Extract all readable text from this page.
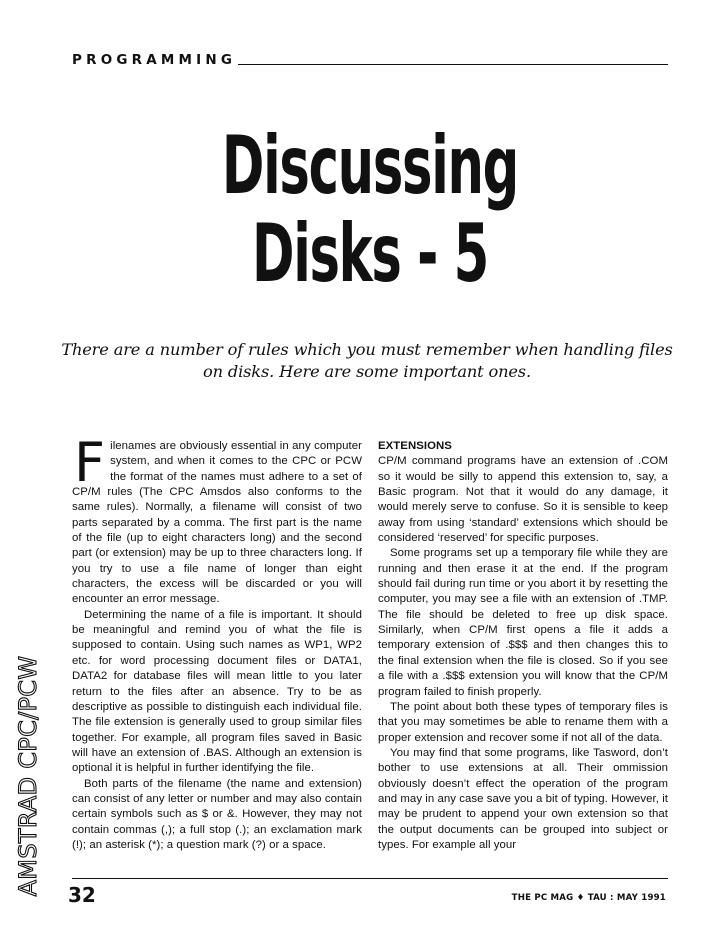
PROGRAMMING
Discussing
Disks - 5

There are a number of rules which you must remember when handling files on disks. Here are some important ones.

Filenames are obviously essential in any computer system, and when it comes to the CPC or PCW the format of the names must adhere to a set of CP/M rules (The CPC Amsdos also conforms to the same rules). Normally, a filename will consist of two parts separated by a comma. The first part is the name of the file (up to eight characters long) and the second part (or extension) may be up to three characters long. If you try to use a file name of longer than eight characters, the excess will be discarded or you will encounter an error message.

Determining the name of a file is important. It should be meaningful and remind you of what the file is supposed to contain. Using such names as WP1, WP2 etc. for word processing document files or DATA1, DATA2 for database files will mean little to you later return to the files after an absence. Try to be as descriptive as possible to distinguish each individual file. The file extension is generally used to group similar files together. For example, all program files saved in Basic will have an extension of .BAS. Although an extension is optional it is helpful in further identifying the file.

Both parts of the filename (the name and extension) can consist of any letter or number and may also contain certain symbols such as $ or &. However, they may not contain commas (,); a full stop (.); an exclamation mark (!); an asterisk (*); a question mark (?) or a space.

EXTENSIONS

CP/M command programs have an extension of .COM so it would be silly to append this extension to, say, a Basic program. Not that it would do any damage, it would merely serve to confuse. So it is sensible to keep away from using ‘standard’ extensions which should be considered ‘reserved’ for specific purposes.

Some programs set up a temporary file while they are running and then erase it at the end. If the program should fail during run time or you abort it by resetting the computer, you may see a file with an extension of .TMP. The file should be deleted to free up disk space. Similarly, when CP/M first opens a file it adds a temporary extension of .$$$ and then changes this to the final extension when the file is closed. So if you see a file with a .$$$ extension you will know that the CP/M program failed to finish properly.

The point about both these types of temporary files is that you may sometimes be able to rename them with a proper extension and recover some if not all of the data.

You may find that some programs, like Tasword, don’t bother to use extensions at all. Their ommission obviously doesn’t effect the operation of the program and may in any case save you a bit of typing. However, it may be prudent to append your own extension so that the output documents can be grouped into subject or types. For example all your

AMSTRAD CPC/PCW 32	THE PC MAG ♦ TAU : MAY 1991
